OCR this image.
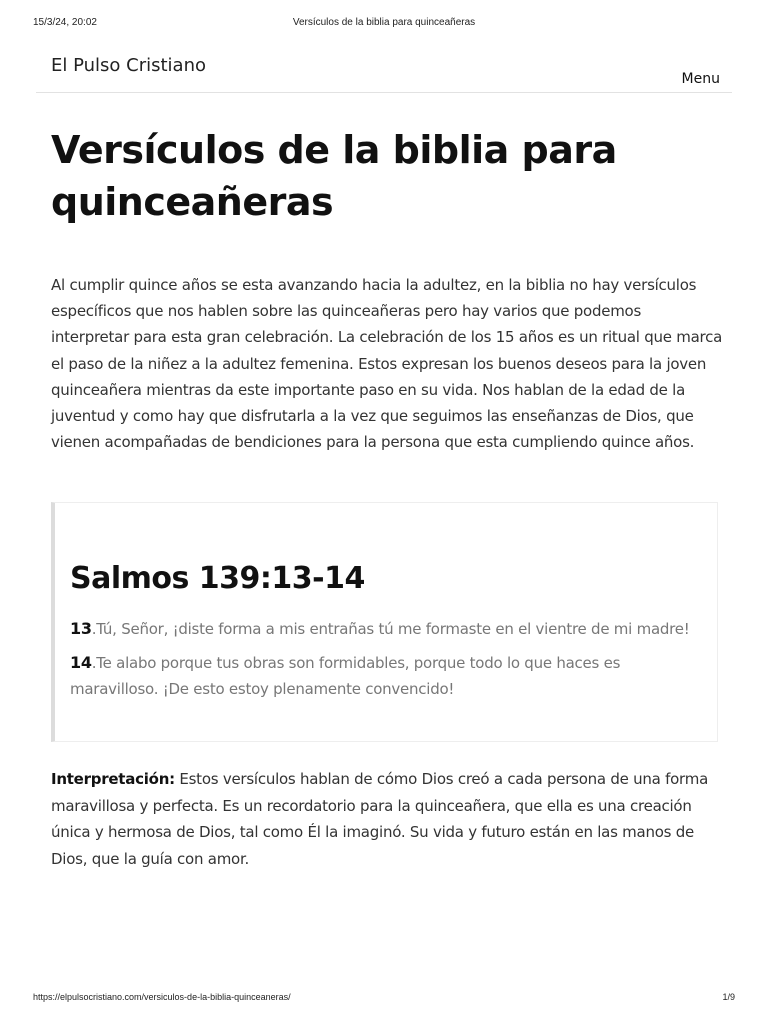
15/3/24, 20:02	Versículos de la biblia para quinceañeras
El Pulso Cristiano
Menu
Versículos de la biblia para
quinceañeras

Al cumplir quince años se esta avanzando hacia la adultez, en la biblia no hay versículos específicos que nos hablen sobre las quinceañeras pero hay varios que podemos interpretar para esta gran celebración. La celebración de los 15 años es un ritual que marca el paso de la niñez a la adultez femenina. Estos expresan los buenos deseos para la joven quinceañera mientras da este importante paso en su vida. Nos hablan de la edad de la juventud y como hay que disfrutarla a la vez que seguimos las enseñanzas de Dios, que vienen acompañadas de bendiciones para la persona que esta cumpliendo quince años.

Salmos 139:13-14

13.Tú, Señor, ¡diste forma a mis entrañas tú me formaste en el vientre de mi madre!

14.Te alabo porque tus obras son formidables, porque todo lo que haces es maravilloso. ¡De esto estoy plenamente convencido!

Interpretación: Estos versículos hablan de cómo Dios creó a cada persona de una forma maravillosa y perfecta. Es un recordatorio para la quinceañera, que ella es una creación única y hermosa de Dios, tal como Él la imaginó. Su vida y futuro están en las manos de Dios, que la guía con amor.

https://elpulsocristiano.com/versiculos-de-la-biblia-quinceaneras/	1/9
